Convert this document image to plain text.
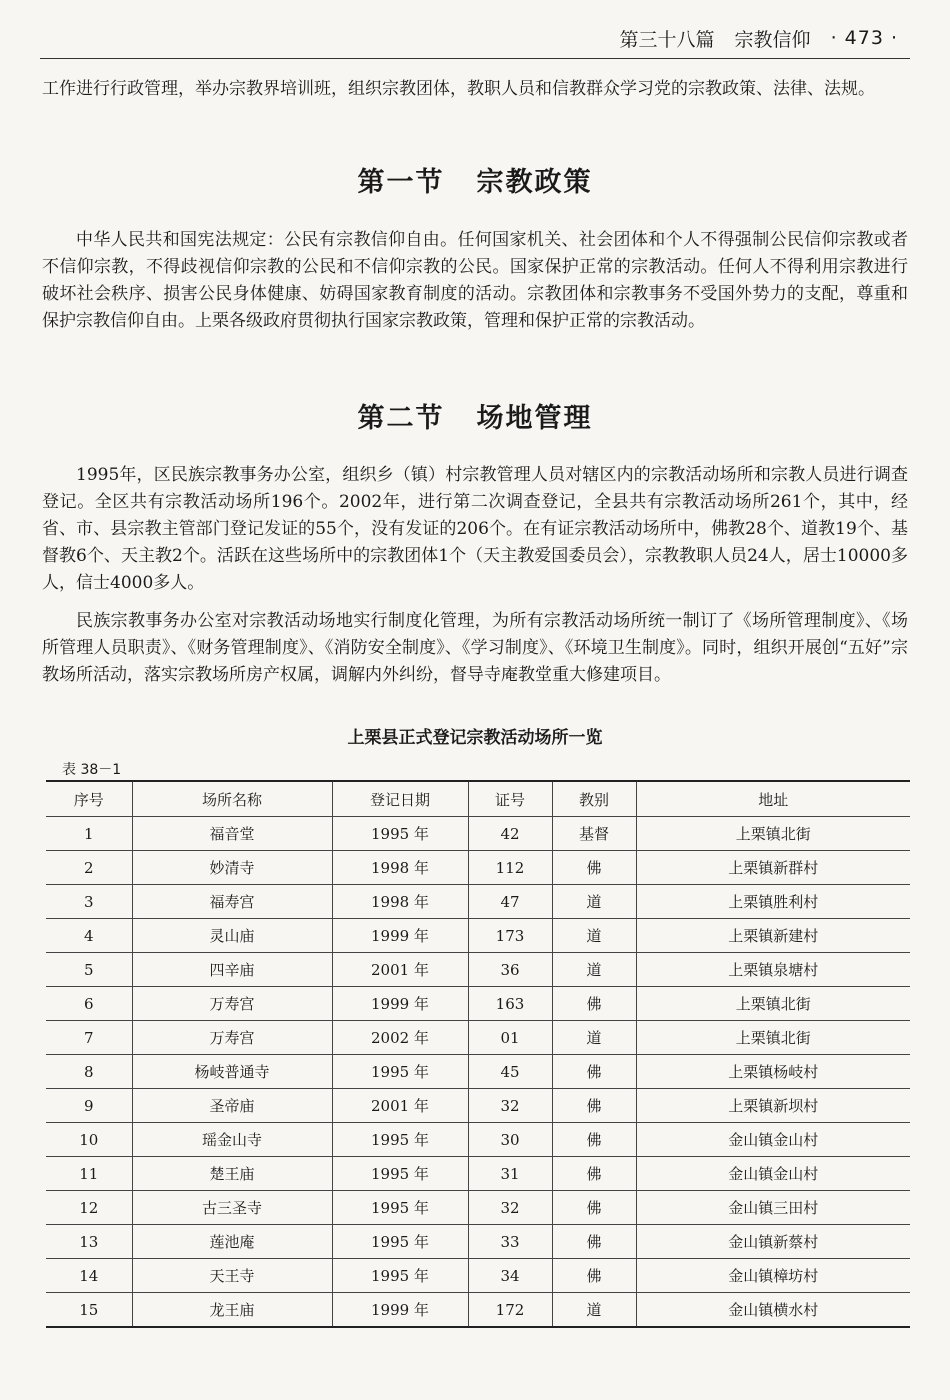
第三十八篇 宗教信仰 · 473 ·

工作进行行政管理，举办宗教界培训班，组织宗教团体，教职人员和信教群众学习党的宗教政策、法律、法规。

第一节 宗教政策

中华人民共和国宪法规定：公民有宗教信仰自由。任何国家机关、社会团体和个人不得强制公民信仰宗教或者不信仰宗教，不得歧视信仰宗教的公民和不信仰宗教的公民。国家保护正常的宗教活动。任何人不得利用宗教进行破坏社会秩序、损害公民身体健康、妨碍国家教育制度的活动。宗教团体和宗教事务不受国外势力的支配，尊重和保护宗教信仰自由。上栗各级政府贯彻执行国家宗教政策，管理和保护正常的宗教活动。

第二节 场地管理

1995年，区民族宗教事务办公室，组织乡（镇）村宗教管理人员对辖区内的宗教活动场所和宗教人员进行调查登记。全区共有宗教活动场所196个。2002年，进行第二次调查登记，全县共有宗教活动场所261个，其中，经省、市、县宗教主管部门登记发证的55个，没有发证的206个。在有证宗教活动场所中，佛教28个、道教19个、基督教6个、天主教2个。活跃在这些场所中的宗教团体1个（天主教爱国委员会），宗教教职人员24人，居士10000多人，信士4000多人。

民族宗教事务办公室对宗教活动场地实行制度化管理，为所有宗教活动场所统一制订了《场所管理制度》、《场所管理人员职责》、《财务管理制度》、《消防安全制度》、《学习制度》、《环境卫生制度》。同时，组织开展创“五好”宗教场所活动，落实宗教场所房产权属，调解内外纠纷，督导寺庵教堂重大修建项目。

上栗县正式登记宗教活动场所一览
表 38－1
序号	场所名称	登记日期	证号	教别	地址
1	福音堂	1995 年	42	基督	上栗镇北街
2	妙清寺	1998 年	112	佛	上栗镇新群村
3	福寿宫	1998 年	47	道	上栗镇胜利村
4	灵山庙	1999 年	173	道	上栗镇新建村
5	四辛庙	2001 年	36	道	上栗镇泉塘村
6	万寿宫	1999 年	163	佛	上栗镇北街
7	万寿宫	2002 年	01	道	上栗镇北街
8	杨岐普通寺	1995 年	45	佛	上栗镇杨岐村
9	圣帝庙	2001 年	32	佛	上栗镇新坝村
10	瑶金山寺	1995 年	30	佛	金山镇金山村
11	楚王庙	1995 年	31	佛	金山镇金山村
12	古三圣寺	1995 年	32	佛	金山镇三田村
13	莲池庵	1995 年	33	佛	金山镇新蔡村
14	天王寺	1995 年	34	佛	金山镇樟坊村
15	龙王庙	1999 年	172	道	金山镇横水村
